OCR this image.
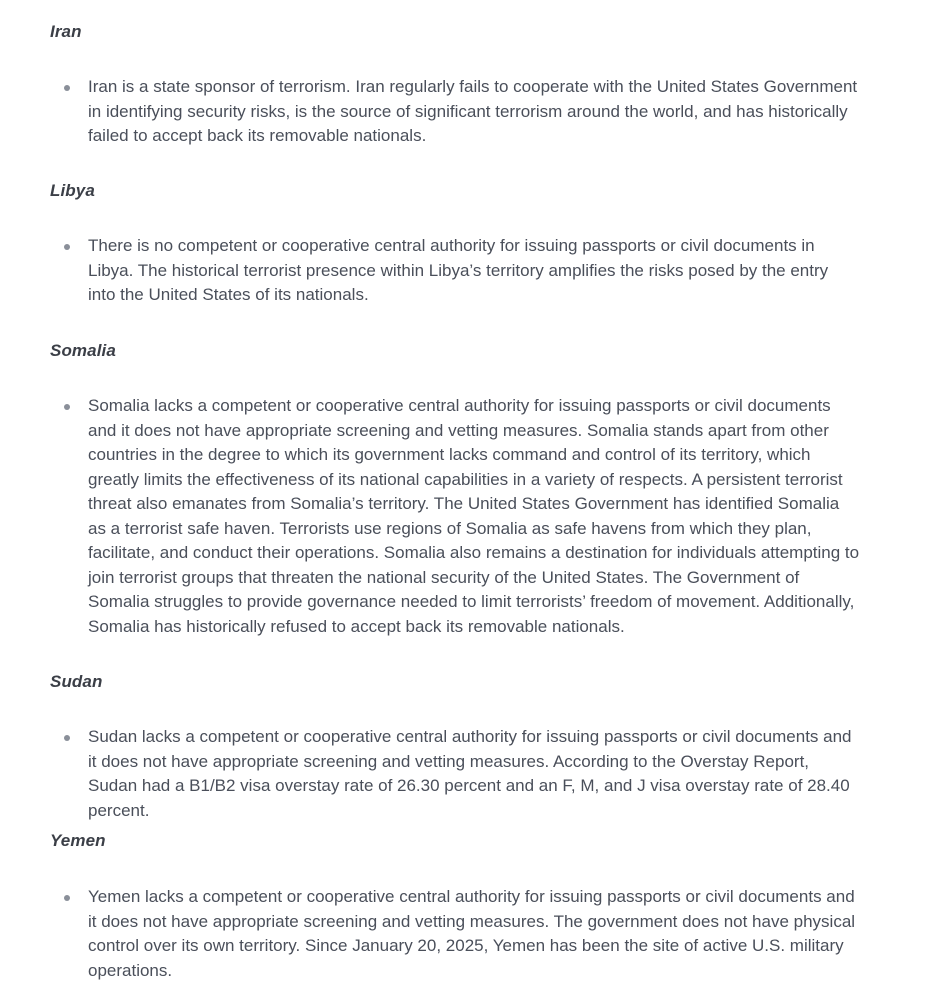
Iran
Iran is a state sponsor of terrorism. Iran regularly fails to cooperate with the United States Government in identifying security risks, is the source of significant terrorism around the world, and has historically failed to accept back its removable nationals.
Libya
There is no competent or cooperative central authority for issuing passports or civil documents in Libya. The historical terrorist presence within Libya’s territory amplifies the risks posed by the entry into the United States of its nationals.
Somalia
Somalia lacks a competent or cooperative central authority for issuing passports or civil documents and it does not have appropriate screening and vetting measures. Somalia stands apart from other countries in the degree to which its government lacks command and control of its territory, which greatly limits the effectiveness of its national capabilities in a variety of respects. A persistent terrorist threat also emanates from Somalia’s territory. The United States Government has identified Somalia as a terrorist safe haven. Terrorists use regions of Somalia as safe havens from which they plan, facilitate, and conduct their operations. Somalia also remains a destination for individuals attempting to join terrorist groups that threaten the national security of the United States. The Government of Somalia struggles to provide governance needed to limit terrorists’ freedom of movement. Additionally, Somalia has historically refused to accept back its removable nationals.
Sudan
Sudan lacks a competent or cooperative central authority for issuing passports or civil documents and it does not have appropriate screening and vetting measures. According to the Overstay Report, Sudan had a B1/B2 visa overstay rate of 26.30 percent and an F, M, and J visa overstay rate of 28.40 percent.
Yemen
Yemen lacks a competent or cooperative central authority for issuing passports or civil documents and it does not have appropriate screening and vetting measures. The government does not have physical control over its own territory. Since January 20, 2025, Yemen has been the site of active U.S. military operations.
